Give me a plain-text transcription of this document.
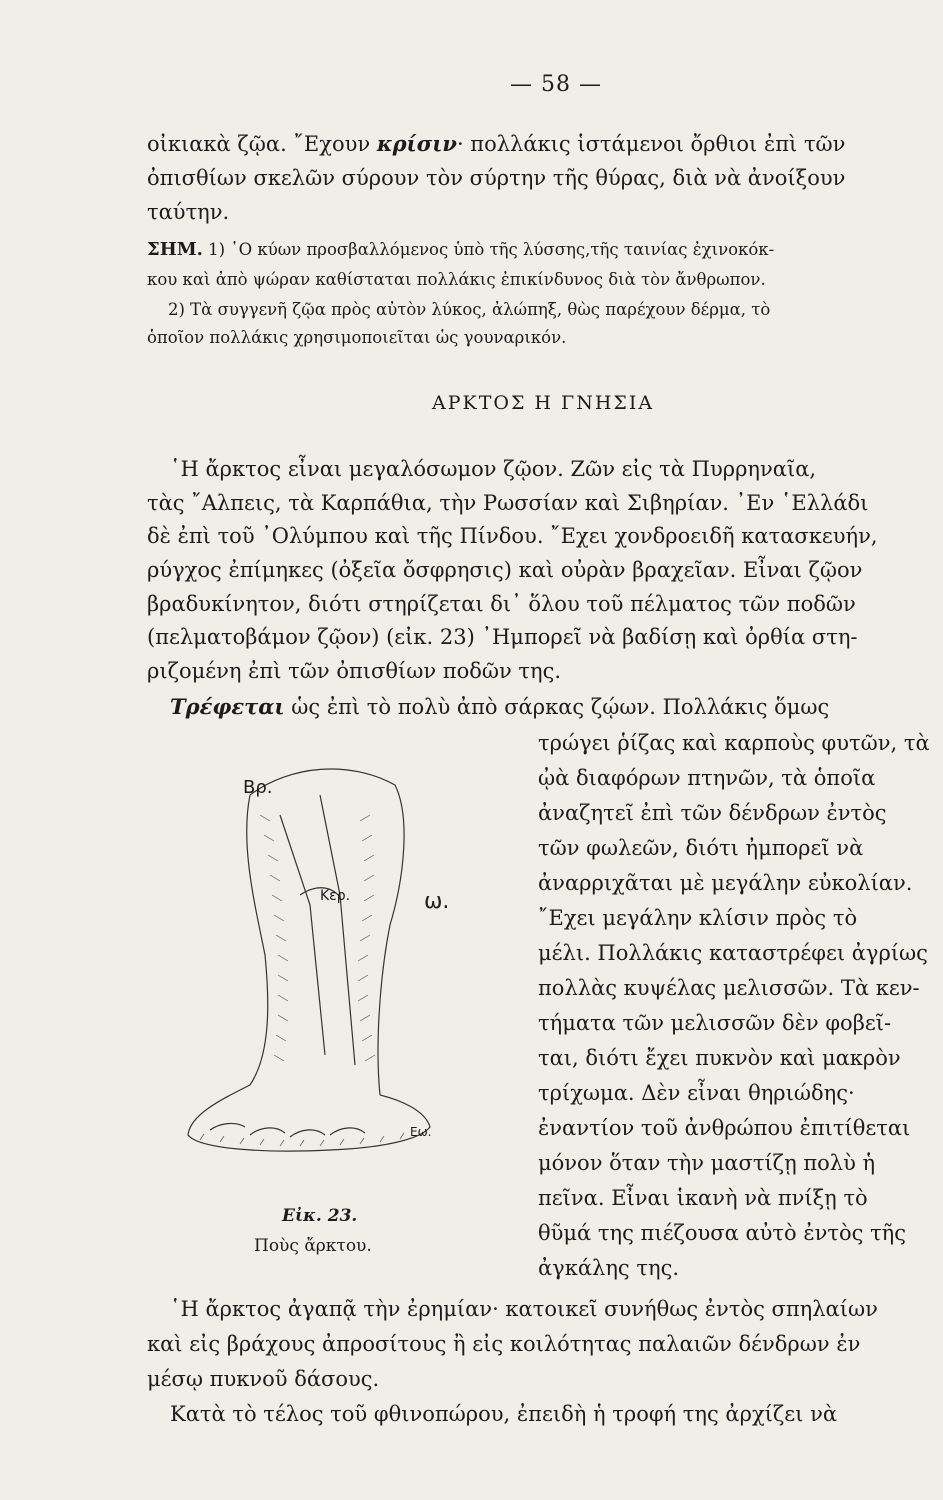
— 58 —
οἰκιακὰ ζῷα. ῎Εχουν κρίσιν· πολλάκις ἱστάμενοι ὄρθιοι ἐπὶ τῶν
ὀπισθίων σκελῶν σύρουν τὸν σύρτην τῆς θύρας, διὰ νὰ ἀνοίξουν
ταύτην.
ΣΗΜ. 1) ῾Ο κύων προσβαλλόμενος ὑπὸ τῆς λύσσης,τῆς ταινίας ἐχινοκόκ-
κου καὶ ἀπὸ ψώραν καθίσταται πολλάκις ἐπικίνδυνος διὰ τὸν ἄνθρωπον.
2) Τὰ συγγενῆ ζῷα πρὸς αὐτὸν λύκος, ἀλώπηξ, θὼς παρέχουν δέρμα, τὸ
ὁποῖον πολλάκις χρησιμοποιεῖται ὡς γουναρικόν.
ΑΡΚΤΟΣ Η ΓΝΗΣΙΑ
῾Η ἄρκτος εἶναι μεγαλόσωμον ζῷον. Ζῶν εἰς τὰ Πυρρηναῖα,
τὰς ῎Αλπεις, τὰ Καρπάθια, τὴν Ρωσσίαν καὶ Σιβηρίαν. ᾽Εν ῾Ελλάδι
δὲ ἐπὶ τοῦ ᾿Ολύμπου καὶ τῆς Πίνδου. ῎Εχει χονδροειδῆ κατασκευήν,
ρύγχος ἐπίμηκες (ὀξεῖα ὄσφρησις) καὶ οὐρὰν βραχεῖαν. Εἶναι ζῷον
βραδυκίνητον, διότι στηρίζεται δι᾽ ὅλου τοῦ πέλματος τῶν ποδῶν
(πελματοβάμον ζῷον) (εἰκ. 23) ᾽Ημπορεῖ νὰ βαδίσῃ καὶ ὀρθία στη-
ριζομένη ἐπὶ τῶν ὀπισθίων ποδῶν της.
Τρέφεται ὡς ἐπὶ τὸ πολὺ ἀπὸ σάρκας ζῴων. Πολλάκις ὅμως
τρώγει ῥίζας καὶ καρποὺς φυτῶν, τὰ
ᾠὰ διαφόρων πτηνῶν, τὰ ὁποῖα
ἀναζητεῖ ἐπὶ τῶν δένδρων ἐντὸς
τῶν φωλεῶν, διότι ἠμπορεῖ νὰ
ἀναρριχᾶται μὲ μεγάλην εὐκολίαν.
῎Εχει μεγάλην κλίσιν πρὸς τὸ
μέλι. Πολλάκις καταστρέφει ἀγρίως
πολλὰς κυψέλας μελισσῶν. Τὰ κεν-
τήματα τῶν μελισσῶν δὲν φοβεῖ-
ται, διότι ἔχει πυκνὸν καὶ μακρὸν
τρίχωμα. Δὲν εἶναι θηριώδης·
ἐναντίον τοῦ ἀνθρώπου ἐπιτίθεται
μόνον ὅταν τὴν μαστίζῃ πολὺ ἡ
πεῖνα. Εἶναι ἱκανὴ νὰ πνίξῃ τὸ
θῦμά της πιέζουσα αὐτὸ ἐντὸς τῆς
ἀγκάλης της.
῾Η ἄρκτος ἀγαπᾷ τὴν ἐρημίαν· κατοικεῖ συνήθως ἐντὸς σπηλαίων
καὶ εἰς βράχους ἀπροσίτους ἢ εἰς κοιλότητας παλαιῶν δένδρων ἐν
μέσῳ πυκνοῦ δάσους.
Κατὰ τὸ τέλος τοῦ φθινοπώρου, ἐπειδὴ ἡ τροφή της ἀρχίζει νὰ
Βρ.
Κερ.	ω.
Εω.
Εἰκ. 23.
Ποὺς ἄρκτου.
